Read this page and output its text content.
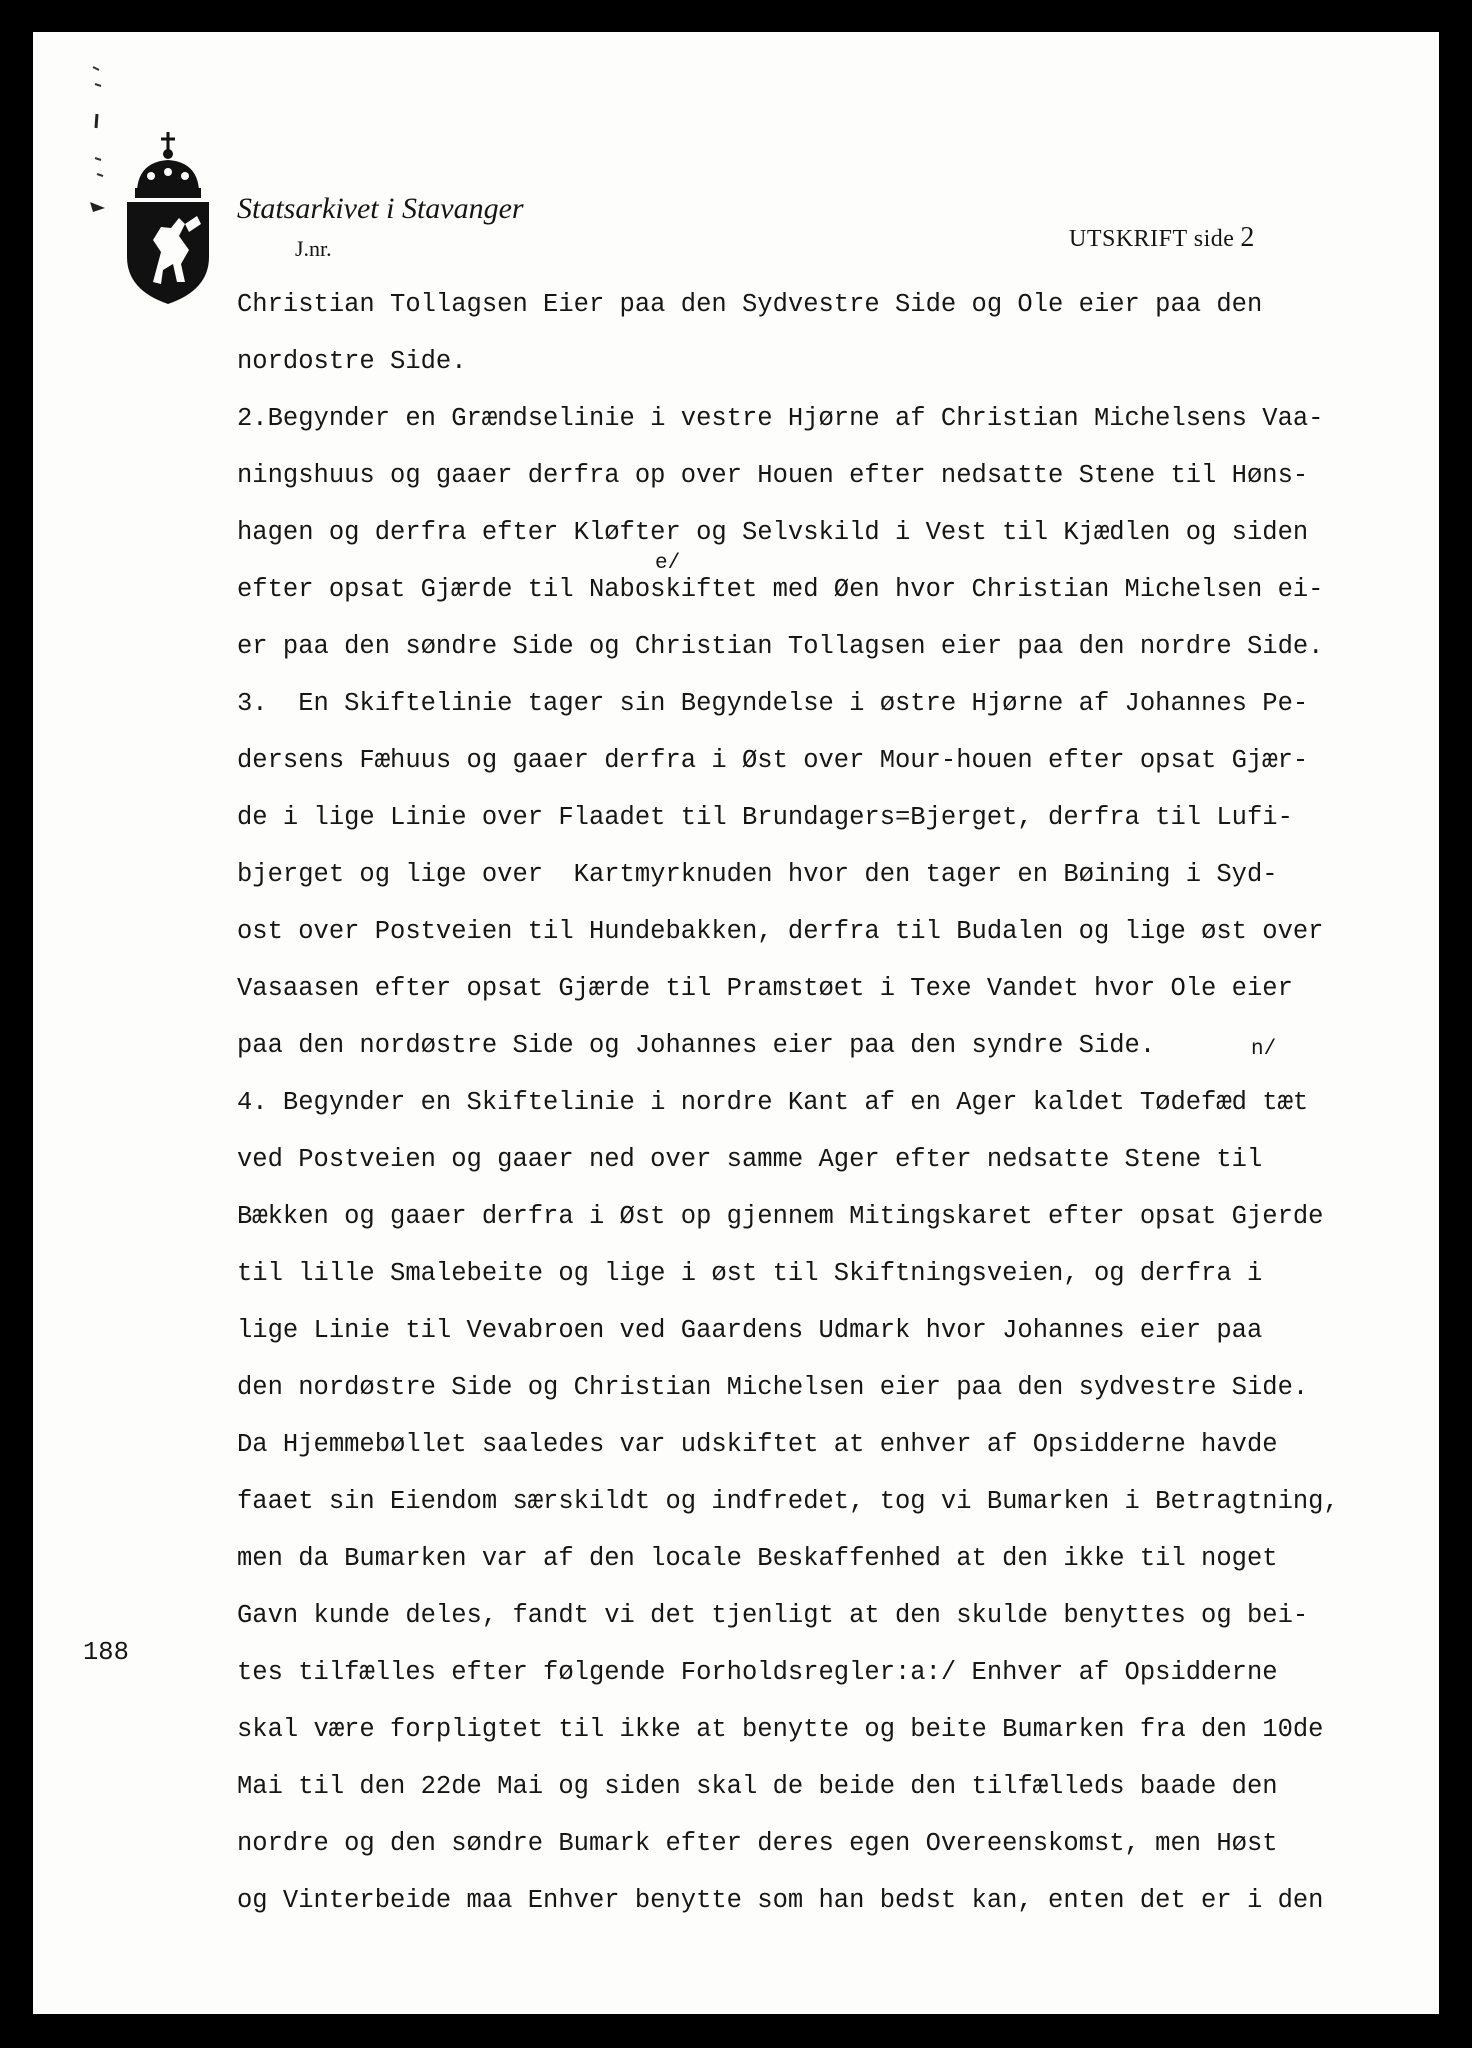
Statsarkivet i Stavanger
J.nr.	UTSKRIFT side 2
Christian Tollagsen Eier paa den Sydvestre Side og Ole eier paa den
nordostre Side.
2.Begynder en Grændselinie i vestre Hjørne af Christian Michelsens Vaa-
ningshuus og gaaer derfra op over Houen efter nedsatte Stene til Høns-
hagen og derfra efter Kløfter og Selvskild i Vest til Kjædlen og siden
efter opsat Gjærde til Naboskiftet med Øen hvor Christian Michelsen ei-
er paa den søndre Side og Christian Tollagsen eier paa den nordre Side.
3.  En Skiftelinie tager sin Begyndelse i østre Hjørne af Johannes Pe-
dersens Fæhuus og gaaer derfra i Øst over Mour-houen efter opsat Gjær-
de i lige Linie over Flaadet til Brundagers=Bjerget, derfra til Lufi-
bjerget og lige over  Kartmyrknuden hvor den tager en Bøining i Syd-
ost over Postveien til Hundebakken, derfra til Budalen og lige øst over
Vasaasen efter opsat Gjærde til Pramstøet i Texe Vandet hvor Ole eier
paa den nordøstre Side og Johannes eier paa den syndre Side.
4. Begynder en Skiftelinie i nordre Kant af en Ager kaldet Tødefæd tæt
ved Postveien og gaaer ned over samme Ager efter nedsatte Stene til
Bækken og gaaer derfra i Øst op gjennem Mitingskaret efter opsat Gjerde
til lille Smalebeite og lige i øst til Skiftningsveien, og derfra i
lige Linie til Vevabroen ved Gaardens Udmark hvor Johannes eier paa
den nordøstre Side og Christian Michelsen eier paa den sydvestre Side.
Da Hjemmebøllet saaledes var udskiftet at enhver af Opsidderne havde
faaet sin Eiendom særskildt og indfredet, tog vi Bumarken i Betragtning,
men da Bumarken var af den locale Beskaffenhed at den ikke til noget
Gavn kunde deles, fandt vi det tjenligt at den skulde benyttes og bei-
tes tilfælles efter følgende Forholdsregler:a:/ Enhver af Opsidderne
skal være forpligtet til ikke at benytte og beite Bumarken fra den 10de
Mai til den 22de Mai og siden skal de beide den tilfælleds baade den
nordre og den søndre Bumark efter deres egen Overeenskomst, men Høst
og Vinterbeide maa Enhver benytte som han bedst kan, enten det er i den
e/
n/
188
